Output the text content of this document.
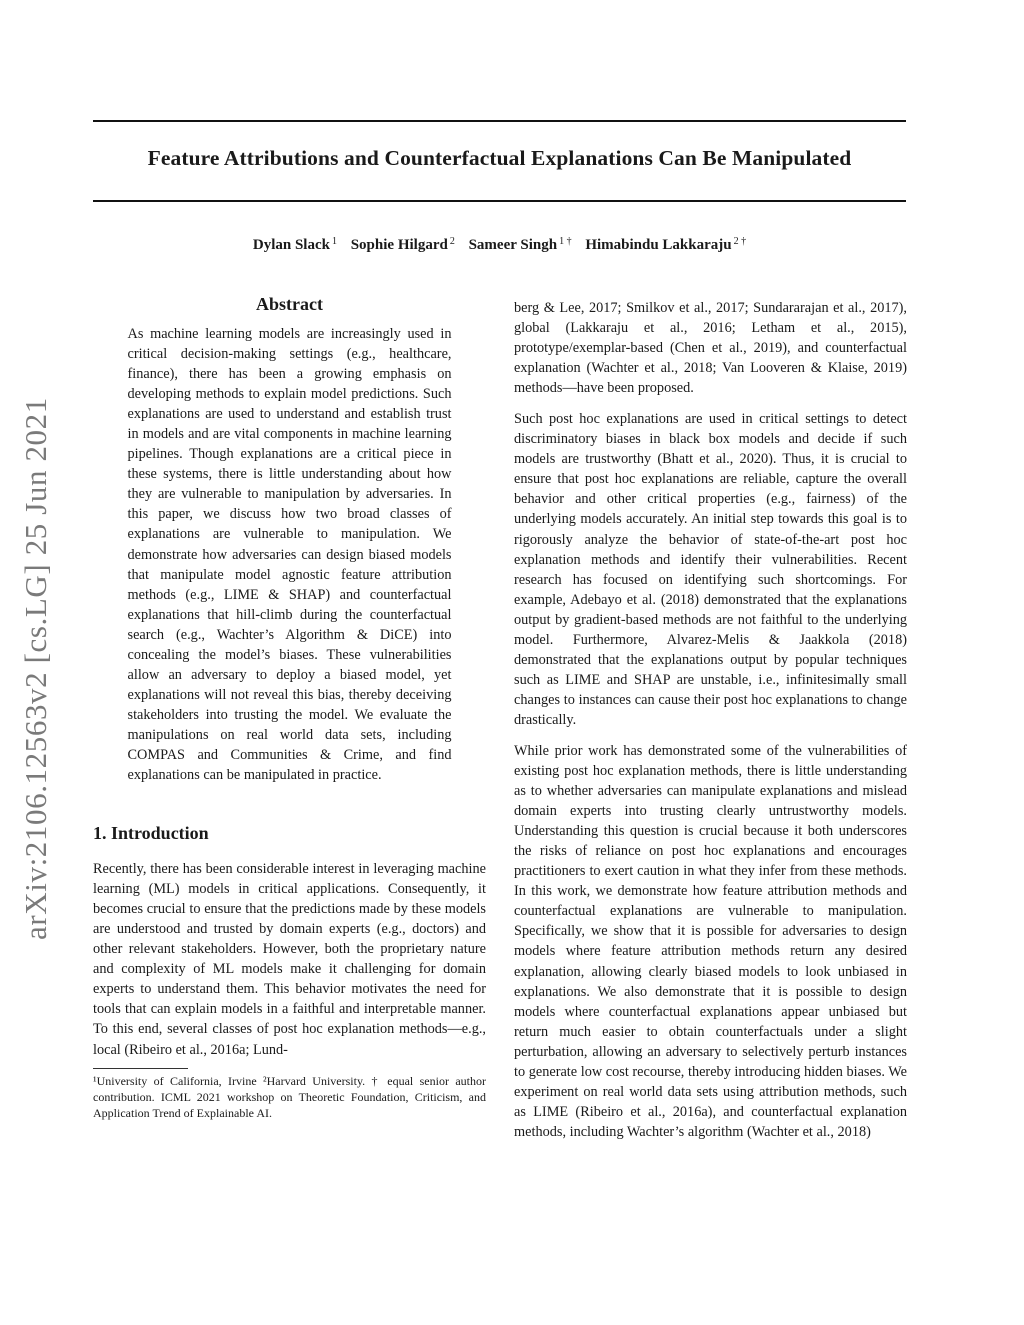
arXiv:2106.12563v2 [cs.LG] 25 Jun 2021
Feature Attributions and Counterfactual Explanations Can Be Manipulated
Dylan Slack $^1$ Sophie Hilgard $^2$ Sameer Singh $^{1 \dagger}$ Himabindu Lakkaraju $^{2 \dagger}$
Abstract

As machine learning models are increasingly used in critical decision-making settings (e.g., healthcare, finance), there has been a growing emphasis on developing methods to explain model predictions. Such explanations are used to understand and establish trust in models and are vital components in machine learning pipelines. Though explanations are a critical piece in these systems, there is little understanding about how they are vulnerable to manipulation by adversaries. In this paper, we discuss how two broad classes of explanations are vulnerable to manipulation. We demonstrate how adversaries can design biased models that manipulate model agnostic feature attribution methods (e.g., LIME & SHAP) and counterfactual explanations that hill-climb during the counterfactual search (e.g., Wachter’s Algorithm & DiCE) into concealing the model’s biases. These vulnerabilities allow an adversary to deploy a biased model, yet explanations will not reveal this bias, thereby deceiving stakeholders into trusting the model. We evaluate the manipulations on real world data sets, including COMPAS and Communities & Crime, and find explanations can be manipulated in practice.

1. Introduction

Recently, there has been considerable interest in leveraging machine learning (ML) models in critical applications. Consequently, it becomes crucial to ensure that the predictions made by these models are understood and trusted by domain experts (e.g., doctors) and other relevant stakeholders. However, both the proprietary nature and complexity of ML models make it challenging for domain experts to understand them. This behavior motivates the need for tools that can explain models in a faithful and interpretable manner. To this end, several classes of post hoc explanation methods—e.g., local (Ribeiro et al., 2016a; Lund-

¹University of California, Irvine ²Harvard University. † equal senior author contribution. ICML 2021 workshop on Theoretic Foundation, Criticism, and Application Trend of Explainable AI.

berg & Lee, 2017; Smilkov et al., 2017; Sundararajan et al., 2017), global (Lakkaraju et al., 2016; Letham et al., 2015), prototype/exemplar-based (Chen et al., 2019), and counterfactual explanation (Wachter et al., 2018; Van Looveren & Klaise, 2019) methods—have been proposed.

Such post hoc explanations are used in critical settings to detect discriminatory biases in black box models and decide if such models are trustworthy (Bhatt et al., 2020). Thus, it is crucial to ensure that post hoc explanations are reliable, capture the overall behavior and other critical properties (e.g., fairness) of the underlying models accurately. An initial step towards this goal is to rigorously analyze the behavior of state-of-the-art post hoc explanation methods and identify their vulnerabilities. Recent research has focused on identifying such shortcomings. For example, Adebayo et al. (2018) demonstrated that the explanations output by gradient-based methods are not faithful to the underlying model. Furthermore, Alvarez-Melis & Jaakkola (2018) demonstrated that the explanations output by popular techniques such as LIME and SHAP are unstable, i.e., infinitesimally small changes to instances can cause their post hoc explanations to change drastically.

While prior work has demonstrated some of the vulnerabilities of existing post hoc explanation methods, there is little understanding as to whether adversaries can manipulate explanations and mislead domain experts into trusting clearly untrustworthy models. Understanding this question is crucial because it both underscores the risks of reliance on post hoc explanations and encourages practitioners to exert caution in what they infer from these methods. In this work, we demonstrate how feature attribution methods and counterfactual explanations are vulnerable to manipulation. Specifically, we show that it is possible for adversaries to design models where feature attribution methods return any desired explanation, allowing clearly biased models to look unbiased in explanations. We also demonstrate that it is possible to design models where counterfactual explanations appear unbiased but return much easier to obtain counterfactuals under a slight perturbation, allowing an adversary to selectively perturb instances to generate low cost recourse, thereby introducing hidden biases. We experiment on real world data sets using attribution methods, such as LIME (Ribeiro et al., 2016a), and counterfactual explanation methods, including Wachter’s algorithm (Wachter et al., 2018)
